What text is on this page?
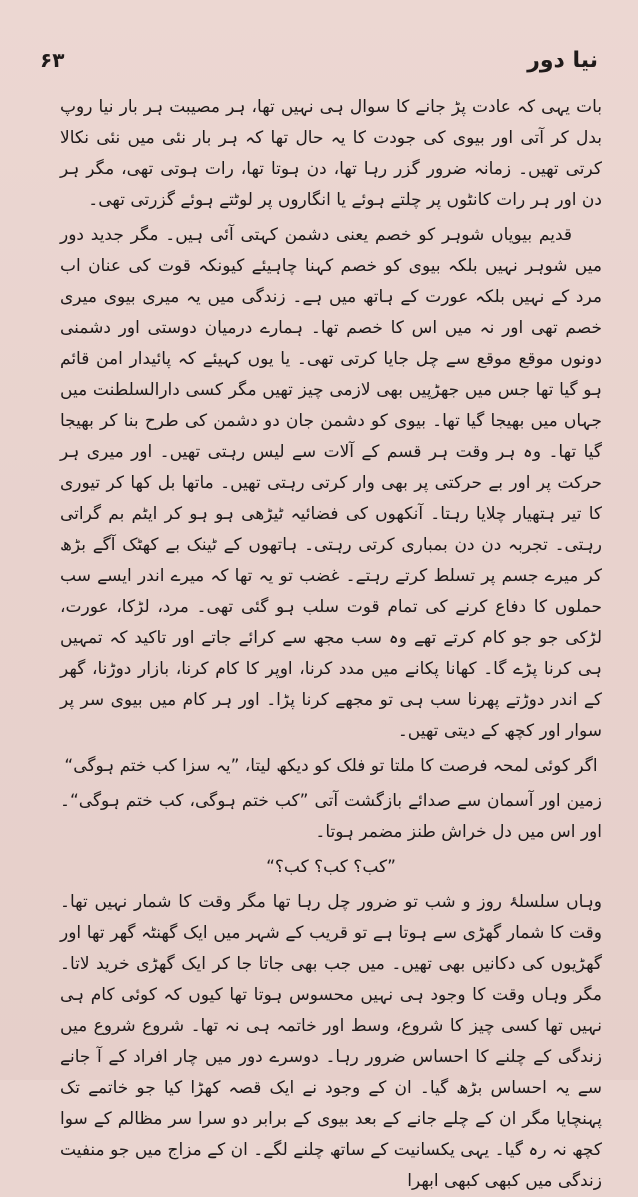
۶۳	نیا دور

بات یہی کہ عادت پڑ جانے کا سوال ہی نہیں تھا، ہر مصیبت ہر بار نیا روپ بدل کر آتی اور بیوی کی جودت کا یہ حال تھا کہ ہر بار نئی میں نئی نکالا کرتی تھیں۔ زمانہ ضرور گزر رہا تھا، دن ہوتا تھا، رات ہوتی تھی، مگر ہر دن اور ہر رات کانٹوں پر چلتے ہوئے یا انگاروں پر لوٹتے ہوئے گزرتی تھی۔

قدیم بیویاں شوہر کو خصم یعنی دشمن کہتی آئی ہیں۔ مگر جدید دور میں شوہر نہیں بلکہ بیوی کو خصم کہنا چاہیئے کیونکہ قوت کی عنان اب مرد کے نہیں بلکہ عورت کے ہاتھ میں ہے۔ زندگی میں یہ میری بیوی میری خصم تھی اور نہ میں اس کا خصم تھا۔ ہمارے درمیان دوستی اور دشمنی دونوں موقع موقع سے چل جایا کرتی تھی۔ یا یوں کہیئے کہ پائیدار امن قائم ہو گیا تھا جس میں جھڑپیں بھی لازمی چیز تھیں مگر کسی دارالسلطنت میں جہاں میں بھیجا گیا تھا۔ بیوی کو دشمن جان دو دشمن کی طرح بنا کر بھیجا گیا تھا۔ وہ ہر وقت ہر قسم کے آلات سے لیس رہتی تھیں۔ اور میری ہر حرکت پر اور بے حرکتی پر بھی وار کرتی رہتی تھیں۔ ماتھا بل کھا کر تیوری کا تیر ہتھیار چلایا رہتا۔ آنکھوں کی فضائیہ ٹیڑھی ہو ہو کر ایٹم بم گراتی رہتی۔ تجربہ دن دن بمباری کرتی رہتی۔ ہاتھوں کے ٹینک بے کھٹک آگے بڑھ کر میرے جسم پر تسلط کرتے رہتے۔ غضب تو یہ تھا کہ میرے اندر ایسے سب حملوں کا دفاع کرنے کی تمام قوت سلب ہو گئی تھی۔ مرد، لڑکا، عورت، لڑکی جو جو کام کرتے تھے وہ سب مجھ سے کرائے جاتے اور تاکید کہ تمہیں ہی کرنا پڑے گا۔ کھانا پکانے میں مدد کرنا، اوپر کا کام کرنا، بازار دوڑنا، گھر کے اندر دوڑتے پھرنا سب ہی تو مجھے کرنا پڑا۔ اور ہر کام میں بیوی سر پر سوار اور کچھ کے دیتی تھیں۔

اگر کوئی لمحہ فرصت کا ملتا تو فلک کو دیکھ لیتا، ”یہ سزا کب ختم ہوگی“

زمین اور آسمان سے صدائے بازگشت آتی ”کب ختم ہوگی، کب ختم ہوگی“۔ اور اس میں دل خراش طنز مضمر ہوتا۔

”کب؟ کب؟ کب؟“

وہاں سلسلۂ روز و شب تو ضرور چل رہا تھا مگر وقت کا شمار نہیں تھا۔ وقت کا شمار گھڑی سے ہوتا ہے تو قریب کے شہر میں ایک گھنٹہ گھر تھا اور گھڑیوں کی دکانیں بھی تھیں۔ میں جب بھی جاتا جا کر ایک گھڑی خرید لاتا۔ مگر وہاں وقت کا وجود ہی نہیں محسوس ہوتا تھا کیوں کہ کوئی کام ہی نہیں تھا کسی چیز کا شروع، وسط اور خاتمہ ہی نہ تھا۔ شروع شروع میں زندگی کے چلنے کا احساس ضرور رہا۔ دوسرے دور میں چار افراد کے آ جانے سے یہ احساس بڑھ گیا۔ ان کے وجود نے ایک قصہ کھڑا کیا جو خاتمے تک پہنچایا مگر ان کے چلے جانے کے بعد بیوی کے برابر دو سرا سر مظالم کے سوا کچھ نہ رہ گیا۔ یہی یکسانیت کے ساتھ چلنے لگے۔ ان کے مزاج میں جو منفیت زندگی میں کبھی کبھی ابھرا
